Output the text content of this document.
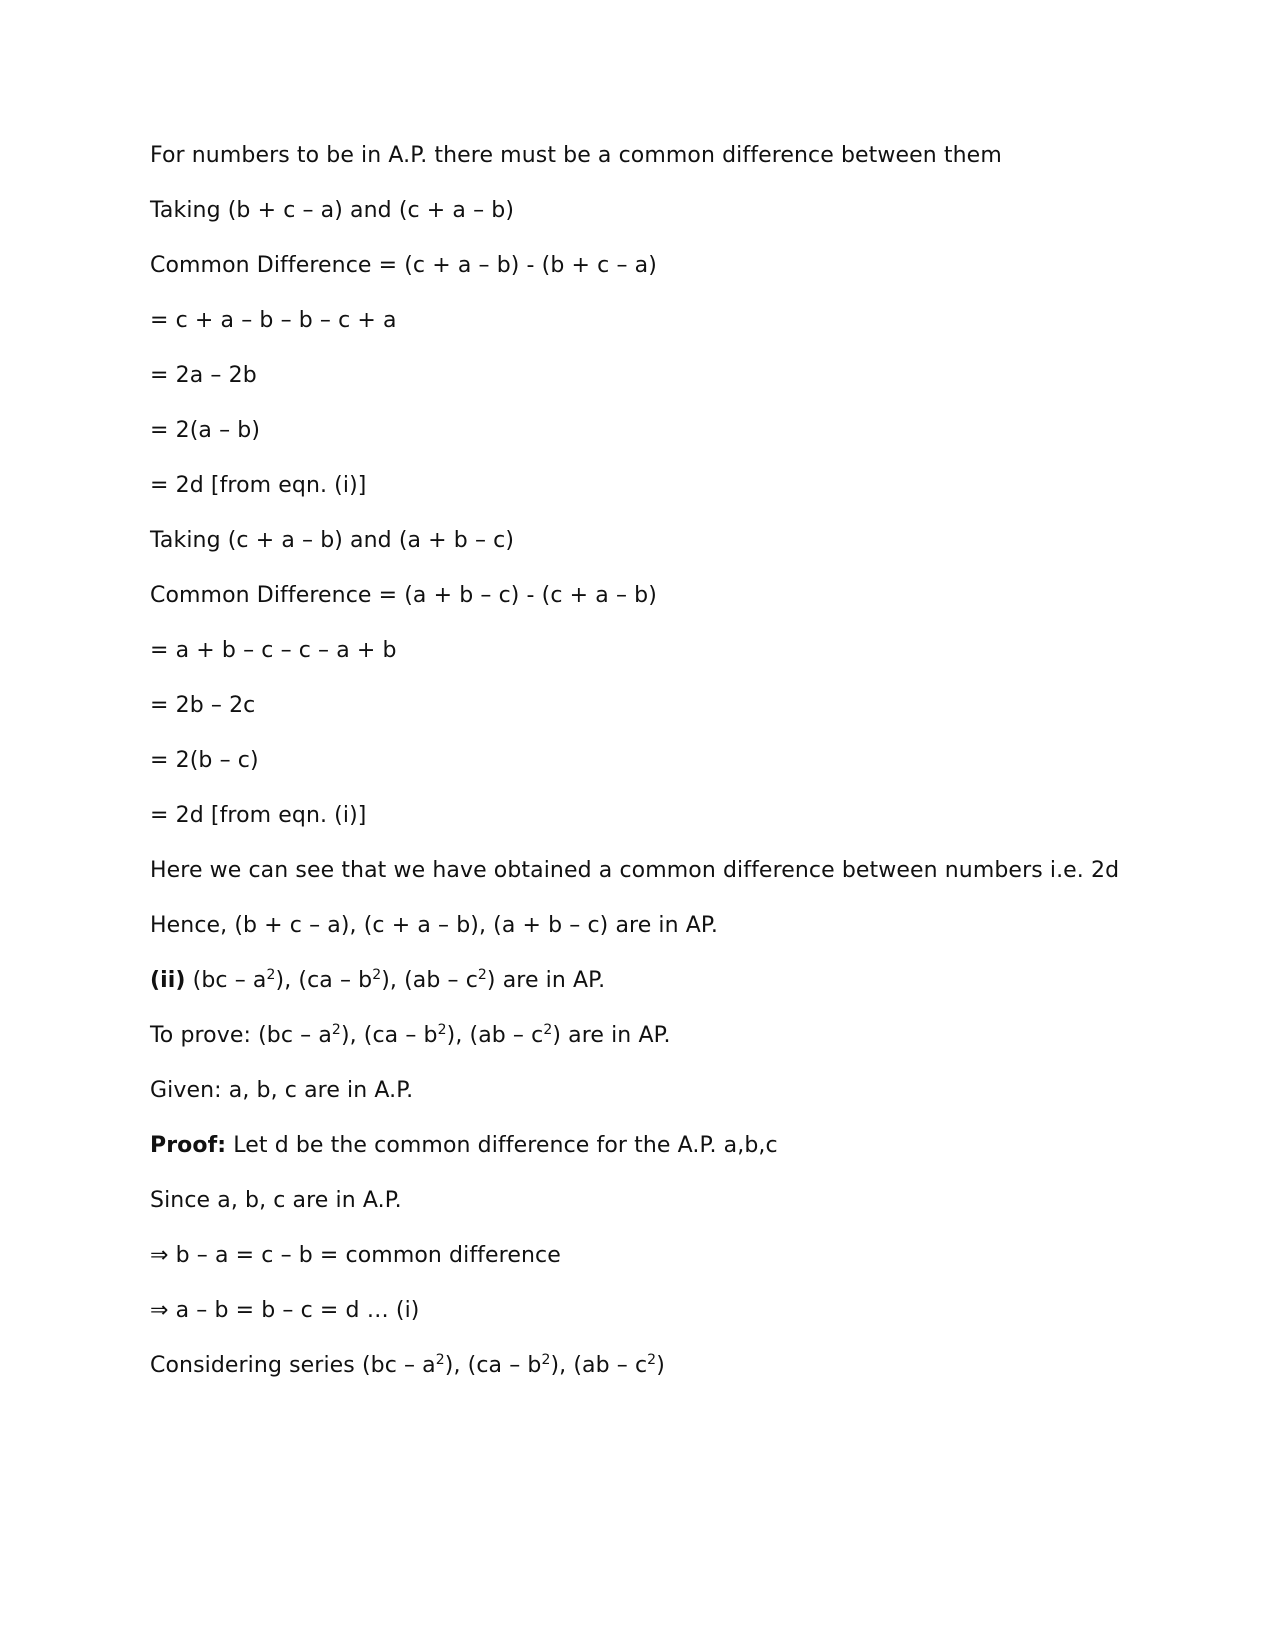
For numbers to be in A.P. there must be a common difference between them
Taking (b + c – a) and (c + a – b)
Common Difference = (c + a – b) - (b + c – a)
= c + a – b – b – c + a
= 2a – 2b
= 2(a – b)
= 2d [from eqn. (i)]
Taking (c + a – b) and (a + b – c)
Common Difference = (a + b – c) - (c + a – b)
= a + b – c – c – a + b
= 2b – 2c
= 2(b – c)
= 2d [from eqn. (i)]
Here we can see that we have obtained a common difference between numbers i.e. 2d
Hence, (b + c – a), (c + a – b), (a + b – c) are in AP.
(ii) $(bc - a^2)$, $(ca - b^2)$, $(ab - c^2)$ are in AP.
To prove: $(bc - a^2)$, $(ca - b^2)$, $(ab - c^2)$ are in AP.
Given: a, b, c are in A.P.
Proof: Let d be the common difference for the A.P. a,b,c
Since a, b, c are in A.P.
⇒ b – a = c – b = common difference
⇒ a – b = b – c = d … (i)
Considering series $(bc - a^2)$, $(ca - b^2)$, $(ab - c^2)$
